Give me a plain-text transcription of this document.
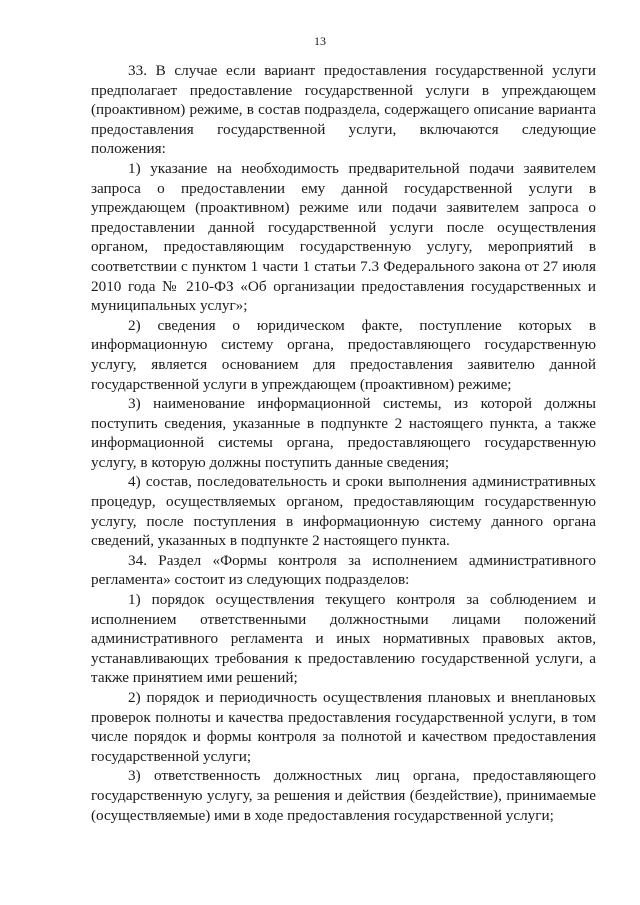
13

33. В случае если вариант предоставления государственной услуги предполагает предоставление государственной услуги в упреждающем (проактивном) режиме, в состав подраздела, содержащего описание варианта предоставления государственной услуги, включаются следующие положения:

1) указание на необходимость предварительной подачи заявителем запроса о предоставлении ему данной государственной услуги в упреждающем (проактивном) режиме или подачи заявителем запроса о предоставлении данной государственной услуги после осуществления органом, предоставляющим государственную услугу, мероприятий в соответствии с пунктом 1 части 1 статьи 7.3 Федерального закона от 27 июля 2010 года № 210-ФЗ «Об организации предоставления государственных и муниципальных услуг»;

2) сведения о юридическом факте, поступление которых в информационную систему органа, предоставляющего государственную услугу, является основанием для предоставления заявителю данной государственной услуги в упреждающем (проактивном) режиме;

3) наименование информационной системы, из которой должны поступить сведения, указанные в подпункте 2 настоящего пункта, а также информационной системы органа, предоставляющего государственную услугу, в которую должны поступить данные сведения;

4) состав, последовательность и сроки выполнения административных процедур, осуществляемых органом, предоставляющим государственную услугу, после поступления в информационную систему данного органа сведений, указанных в подпункте 2 настоящего пункта.

34. Раздел «Формы контроля за исполнением административного регламента» состоит из следующих подразделов:

1) порядок осуществления текущего контроля за соблюдением и исполнением ответственными должностными лицами положений административного регламента и иных нормативных правовых актов, устанавливающих требования к предоставлению государственной услуги, а также принятием ими решений;

2) порядок и периодичность осуществления плановых и внеплановых проверок полноты и качества предоставления государственной услуги, в том числе порядок и формы контроля за полнотой и качеством предоставления государственной услуги;

3) ответственность должностных лиц органа, предоставляющего государственную услугу, за решения и действия (бездействие), принимаемые (осуществляемые) ими в ходе предоставления государственной услуги;
